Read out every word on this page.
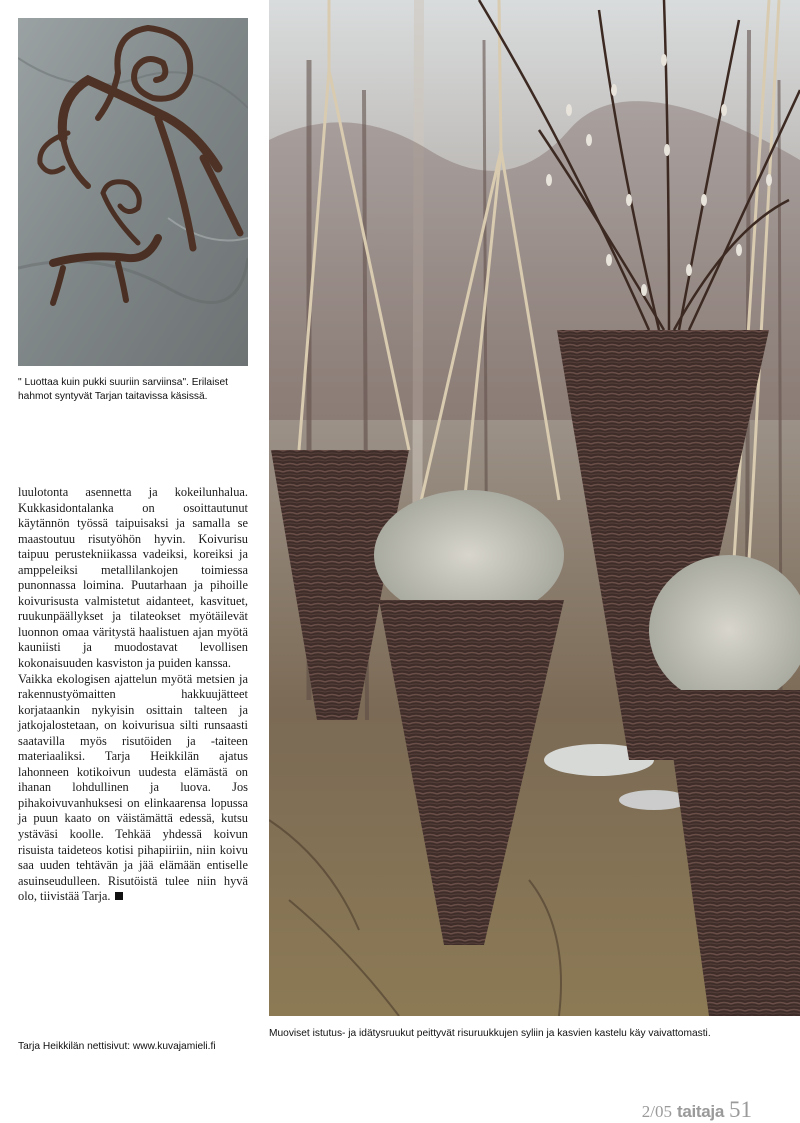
" Luottaa kuin pukki suuriin sarviinsa". Erilaiset hahmot syntyvät Tarjan taitavissa käsissä.

luulotonta asennetta ja kokeilunhalua. Kukkasidontalanka on osoittautunut käytännön työssä taipuisaksi ja samalla se maastoutuu risutyöhön hyvin. Koivurisu taipuu perustekniikassa vadeiksi, koreiksi ja amppeleiksi metallilankojen toimiessa punonnassa loimina. Puutarhaan ja pihoille koivurisusta valmistetut aidanteet, kasvituet, ruukunpäällykset ja tilateokset myötäilevät luonnon omaa väritystä haalistuen ajan myötä kauniisti ja muodostavat levollisen kokonaisuuden kasviston ja puiden kanssa.

Vaikka ekologisen ajattelun myötä metsien ja rakennustyömaitten hakkuujätteet korjataankin nykyisin osittain talteen ja jatkojalostetaan, on koivurisua silti runsaasti saatavilla myös risutöiden ja -taiteen materiaaliksi. Tarja Heikkilän ajatus lahonneen kotikoivun uudesta elämästä on ihanan lohdullinen ja luova. Jos pihakoivuvanhuksesi on elinkaarensa lopussa ja puun kaato on väistämättä edessä, kutsu ystäväsi koolle. Tehkää yhdessä koivun risuista taideteos kotisi pihapiiriin, niin koivu saa uuden tehtävän ja jää elämään entiselle asuinseudulleen. Risutöistä tulee niin hyvä olo, tiivistää Tarja.

Tarja Heikkilän nettisivut: www.kuvajamieli.fi
Muoviset istutus- ja idätysruukut peittyvät risuruukkujen syliin ja kasvien kastelu käy vaivattomasti.
2/05 taitaja 51
